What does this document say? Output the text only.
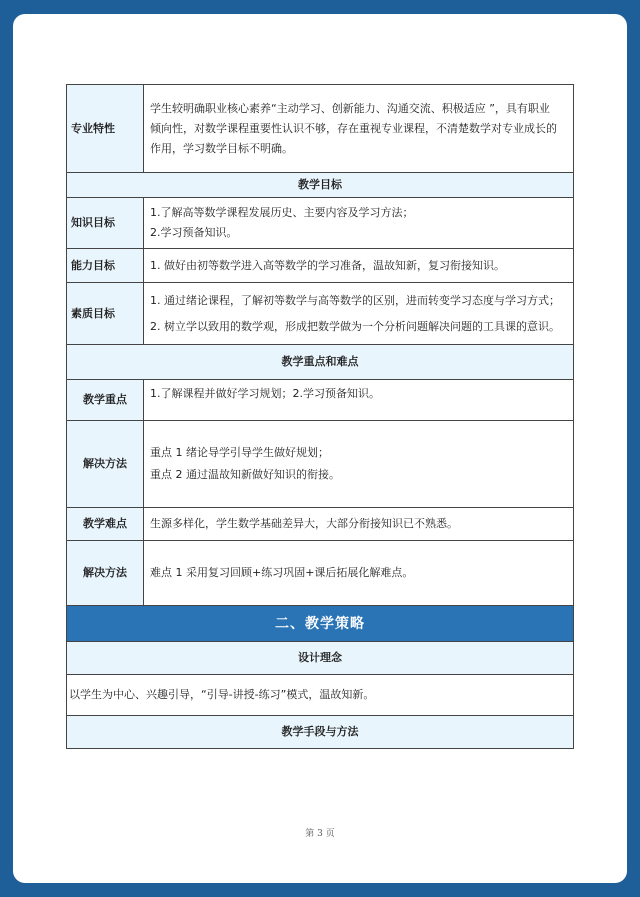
专业特性	学生较明确职业核心素养“主动学习、创新能力、沟通交流、积极适应 ”，具有职业
倾向性，对数学课程重要性认识不够，存在重视专业课程，不清楚数学对专业成长的
作用，学习数学目标不明确。

教学目标	
知识目标	1.了解高等数学课程发展历史、主要内容及学习方法；
2.学习预备知识。

能力目标	1. 做好由初等数学进入高等数学的学习准备，温故知新，复习衔接知识。

素质目标	1. 通过绪论课程，了解初等数学与高等数学的区别，进而转变学习态度与学习方式；
2. 树立学以致用的数学观，形成把数学做为一个分析问题解决问题的工具课的意识。

教学重点和难点	
教学重点	1.了解课程并做好学习规划；2.学习预备知识。

解决方法	重点 1 绪论导学引导学生做好规划；
重点 2 通过温故知新做好知识的衔接。

教学难点	生源多样化，学生数学基础差异大，大部分衔接知识已不熟悉。

解决方法	难点 1 采用复习回顾+练习巩固+课后拓展化解难点。

二、教学策略	
设计理念	
以学生为中心、兴趣引导，“引导-讲授-练习”模式，温故知新。	
教学手段与方法	
第 3 页
